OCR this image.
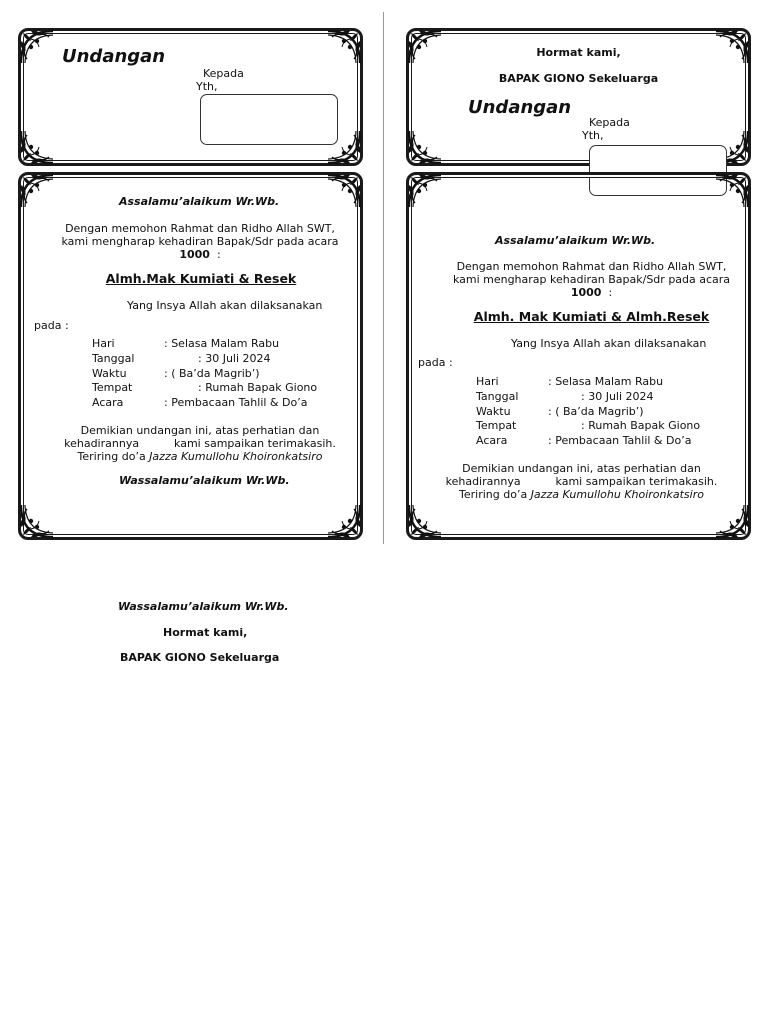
Undangan
Kepada
Yth,
Assalamu’alaikum Wr.Wb.
Dengan memohon Rahmat dan Ridho Allah SWT,
kami mengharap kehadiran Bapak/Sdr pada acara
1000 :
Almh.Mak Kumiati & Resek
Yang Insya Allah akan dilaksanakan
pada :
Hari	: Selasa Malam Rabu
Tanggal	: 30 Juli 2024
Waktu	: ( Ba’da Magrib’)
Tempat	: Rumah Bapak Giono
Acara	: Pembacaan Tahlil & Do’a
Demikian undangan ini, atas perhatian dan
kehadirannya	kami sampaikan terimakasih.
Teriring do’a Jazza Kumullohu Khoironkatsiro
Wassalamu’alaikum Wr.Wb.
Hormat kami,
BAPAK GIONO Sekeluarga
Undangan
Kepada
Yth,
Assalamu’alaikum Wr.Wb.
Dengan memohon Rahmat dan Ridho Allah SWT,
kami mengharap kehadiran Bapak/Sdr pada acara
1000 :
Almh. Mak Kumiati & Almh.Resek
Yang Insya Allah akan dilaksanakan
pada :
Hari	: Selasa Malam Rabu
Tanggal	: 30 Juli 2024
Waktu	: ( Ba’da Magrib’)
Tempat	: Rumah Bapak Giono
Acara	: Pembacaan Tahlil & Do’a
Demikian undangan ini, atas perhatian dan
kehadirannya	kami sampaikan terimakasih.
Teriring do’a Jazza Kumullohu Khoironkatsiro
Wassalamu’alaikum Wr.Wb.
Hormat kami,
BAPAK GIONO Sekeluarga
